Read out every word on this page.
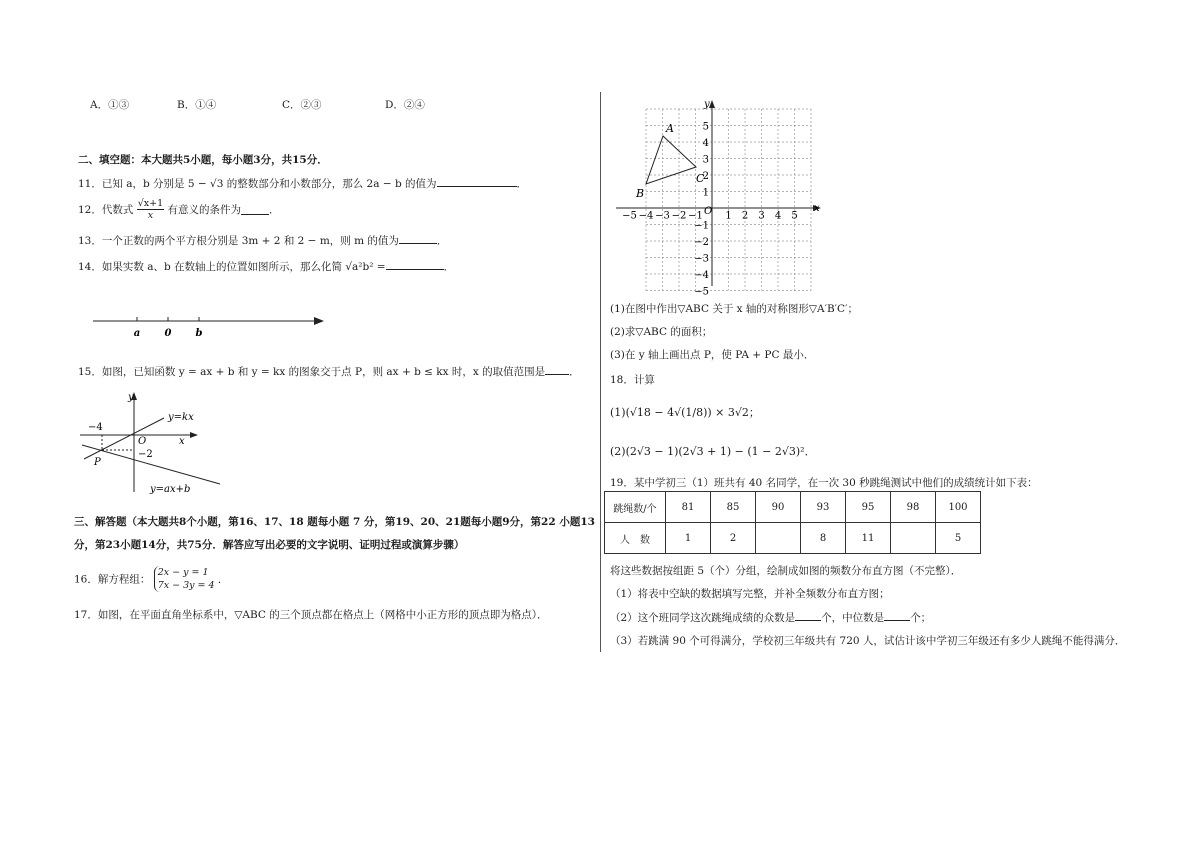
A．①③	B．①④	C．②③	D．②④
二、填空题：本大题共5小题，每小题3分，共15分．
11．已知 a，b 分别是 5 − √3 的整数部分和小数部分，那么 2a − b 的值为	．
12．代数式 $\frac{√x+1}{x}$ 有意义的条件为	．
13．一个正数的两个平方根分别是 3m + 2 和 2 − m，则 m 的值为	．
14．如果实数 a、b 在数轴上的位置如图所示，那么化简 √a²b² =	．
a 0 b
15．如图，已知函数 y = ax + b 和 y = kx 的图象交于点 P，则 ax + b ≤ kx 时，x 的取值范围是 ．
y
x
O
−4
−2
P
y=kx
y=ax+b
三、解答题（本大题共8个小题，第16、17、18 题每小题 7 分，第19、20、21题每小题9分，第22 小题13
分，第23小题14分，共75分．解答应写出必要的文字说明、证明过程或演算步骤）
16．解方程组：
2x − y = 1
7x − 3y = 4 ．
17．如图，在平面直角坐标系中，▽ABC 的三个顶点都在格点上（网格中小正方形的顶点即为格点）．
y
x
O
−5 −4 −3 −2 −1 1 2 3 4 5
5
4
3
2
1
−1
−2
−3
−4
−5
A
B
C
(1)在图中作出▽ABC 关于 x 轴的对称图形▽A′B′C′；
(2)求▽ABC 的面积；
(3)在 y 轴上画出点 P，使 PA + PC 最小．
18．计算
(1)(√18 − 4√(1/8)) × 3√2；
(2)(2√3 − 1)(2√3 + 1) − (1 − 2√3)²．
19．某中学初三（1）班共有 40 名同学，在一次 30 秒跳绳测试中他们的成绩统计如下表：
跳绳数/个	81	85	90	93	95	98	100
人　数	1	2		8	11		5
将这些数据按组距 5（个）分组，绘制成如图的频数分布直方图（不完整）．
（1）将表中空缺的数据填写完整，并补全频数分布直方图；
（2）这个班同学这次跳绳成绩的众数是 个，中位数是 个；
（3）若跳满 90 个可得满分，学校初三年级共有 720 人，试估计该中学初三年级还有多少人跳绳不能得满分．
